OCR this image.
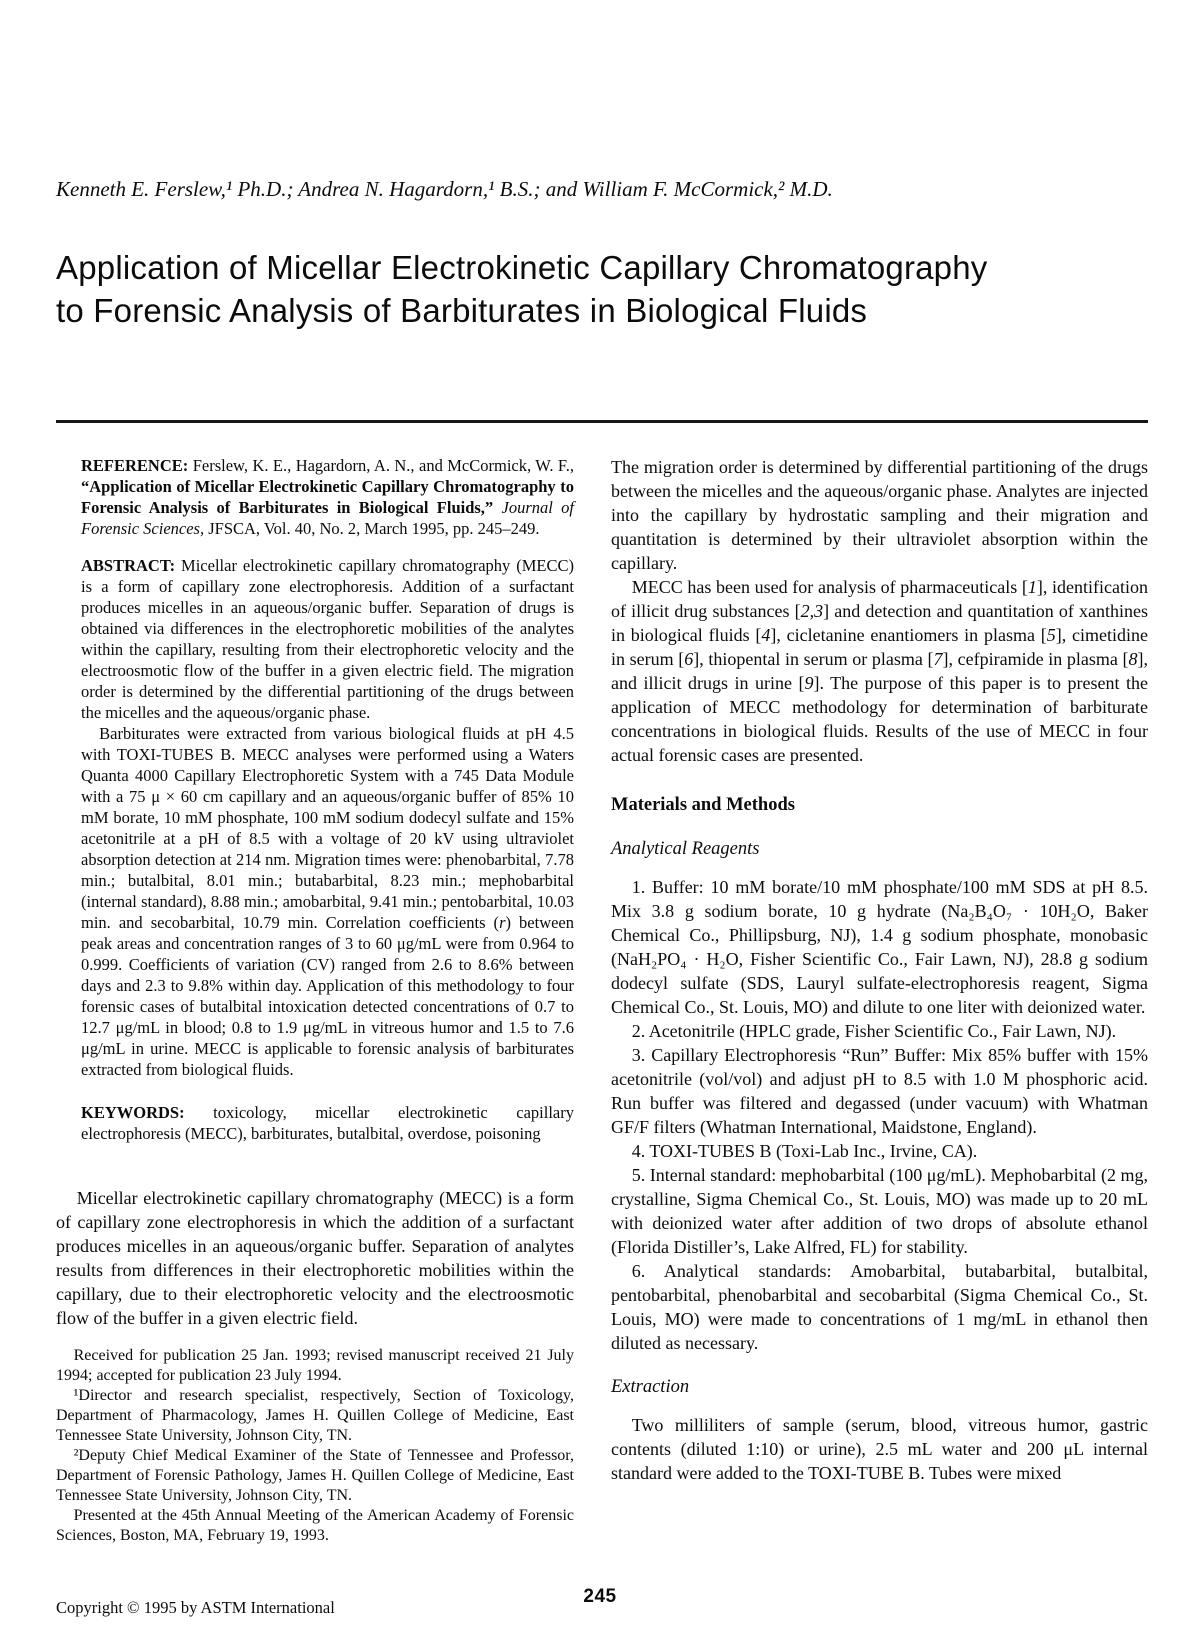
Kenneth E. Ferslew,¹ Ph.D.; Andrea N. Hagardorn,¹ B.S.; and William F. McCormick,² M.D.
Application of Micellar Electrokinetic Capillary Chromatography
to Forensic Analysis of Barbiturates in Biological Fluids

REFERENCE: Ferslew, K. E., Hagardorn, A. N., and McCormick, W. F., “Application of Micellar Electrokinetic Capillary Chromatography to Forensic Analysis of Barbiturates in Biological Fluids,” Journal of Forensic Sciences, JFSCA, Vol. 40, No. 2, March 1995, pp. 245–249.

ABSTRACT: Micellar electrokinetic capillary chromatography (MECC) is a form of capillary zone electrophoresis. Addition of a surfactant produces micelles in an aqueous/organic buffer. Separation of drugs is obtained via differences in the electrophoretic mobilities of the analytes within the capillary, resulting from their electrophoretic velocity and the electroosmotic flow of the buffer in a given electric field. The migration order is determined by the differential partitioning of the drugs between the micelles and the aqueous/organic phase.

Barbiturates were extracted from various biological fluids at pH 4.5 with TOXI-TUBES B. MECC analyses were performed using a Waters Quanta 4000 Capillary Electrophoretic System with a 745 Data Module with a 75 μ × 60 cm capillary and an aqueous/organic buffer of 85% 10 mM borate, 10 mM phosphate, 100 mM sodium dodecyl sulfate and 15% acetonitrile at a pH of 8.5 with a voltage of 20 kV using ultraviolet absorption detection at 214 nm. Migration times were: phenobarbital, 7.78 min.; butalbital, 8.01 min.; butabarbital, 8.23 min.; mephobarbital (internal standard), 8.88 min.; amobarbital, 9.41 min.; pentobarbital, 10.03 min. and secobarbital, 10.79 min. Correlation coefficients (r) between peak areas and concentration ranges of 3 to 60 μg/mL were from 0.964 to 0.999. Coefficients of variation (CV) ranged from 2.6 to 8.6% between days and 2.3 to 9.8% within day. Application of this methodology to four forensic cases of butalbital intoxication detected concentrations of 0.7 to 12.7 μg/mL in blood; 0.8 to 1.9 μg/mL in vitreous humor and 1.5 to 7.6 μg/mL in urine. MECC is applicable to forensic analysis of barbiturates extracted from biological fluids.

KEYWORDS: toxicology, micellar electrokinetic capillary electrophoresis (MECC), barbiturates, butalbital, overdose, poisoning

Micellar electrokinetic capillary chromatography (MECC) is a form of capillary zone electrophoresis in which the addition of a surfactant produces micelles in an aqueous/organic buffer. Separation of analytes results from differences in their electrophoretic mobilities within the capillary, due to their electrophoretic velocity and the electroosmotic flow of the buffer in a given electric field.

Received for publication 25 Jan. 1993; revised manuscript received 21 July 1994; accepted for publication 23 July 1994.

¹Director and research specialist, respectively, Section of Toxicology, Department of Pharmacology, James H. Quillen College of Medicine, East Tennessee State University, Johnson City, TN.

²Deputy Chief Medical Examiner of the State of Tennessee and Professor, Department of Forensic Pathology, James H. Quillen College of Medicine, East Tennessee State University, Johnson City, TN.

Presented at the 45th Annual Meeting of the American Academy of Forensic Sciences, Boston, MA, February 19, 1993.

The migration order is determined by differential partitioning of the drugs between the micelles and the aqueous/organic phase. Analytes are injected into the capillary by hydrostatic sampling and their migration and quantitation is determined by their ultraviolet absorption within the capillary.

MECC has been used for analysis of pharmaceuticals [1], identification of illicit drug substances [2,3] and detection and quantitation of xanthines in biological fluids [4], cicletanine enantiomers in plasma [5], cimetidine in serum [6], thiopental in serum or plasma [7], cefpiramide in plasma [8], and illicit drugs in urine [9]. The purpose of this paper is to present the application of MECC methodology for determination of barbiturate concentrations in biological fluids. Results of the use of MECC in four actual forensic cases are presented.

Materials and Methods
Analytical Reagents

1. Buffer: 10 mM borate/10 mM phosphate/100 mM SDS at pH 8.5. Mix 3.8 g sodium borate, 10 g hydrate (Na₂B₄O₇ · 10H₂O, Baker Chemical Co., Phillipsburg, NJ), 1.4 g sodium phosphate, monobasic (NaH₂PO₄ · H₂O, Fisher Scientific Co., Fair Lawn, NJ), 28.8 g sodium dodecyl sulfate (SDS, Lauryl sulfate-electrophoresis reagent, Sigma Chemical Co., St. Louis, MO) and dilute to one liter with deionized water.

2. Acetonitrile (HPLC grade, Fisher Scientific Co., Fair Lawn, NJ).

3. Capillary Electrophoresis “Run” Buffer: Mix 85% buffer with 15% acetonitrile (vol/vol) and adjust pH to 8.5 with 1.0 M phosphoric acid. Run buffer was filtered and degassed (under vacuum) with Whatman GF/F filters (Whatman International, Maidstone, England).

4. TOXI-TUBES B (Toxi-Lab Inc., Irvine, CA).

5. Internal standard: mephobarbital (100 μg/mL). Mephobarbital (2 mg, crystalline, Sigma Chemical Co., St. Louis, MO) was made up to 20 mL with deionized water after addition of two drops of absolute ethanol (Florida Distiller’s, Lake Alfred, FL) for stability.

6. Analytical standards: Amobarbital, butabarbital, butalbital, pentobarbital, phenobarbital and secobarbital (Sigma Chemical Co., St. Louis, MO) were made to concentrations of 1 mg/mL in ethanol then diluted as necessary.

Extraction

Two milliliters of sample (serum, blood, vitreous humor, gastric contents (diluted 1:10) or urine), 2.5 mL water and 200 μL internal standard were added to the TOXI-TUBE B. Tubes were mixed

Copyright © 1995 by ASTM International
245
